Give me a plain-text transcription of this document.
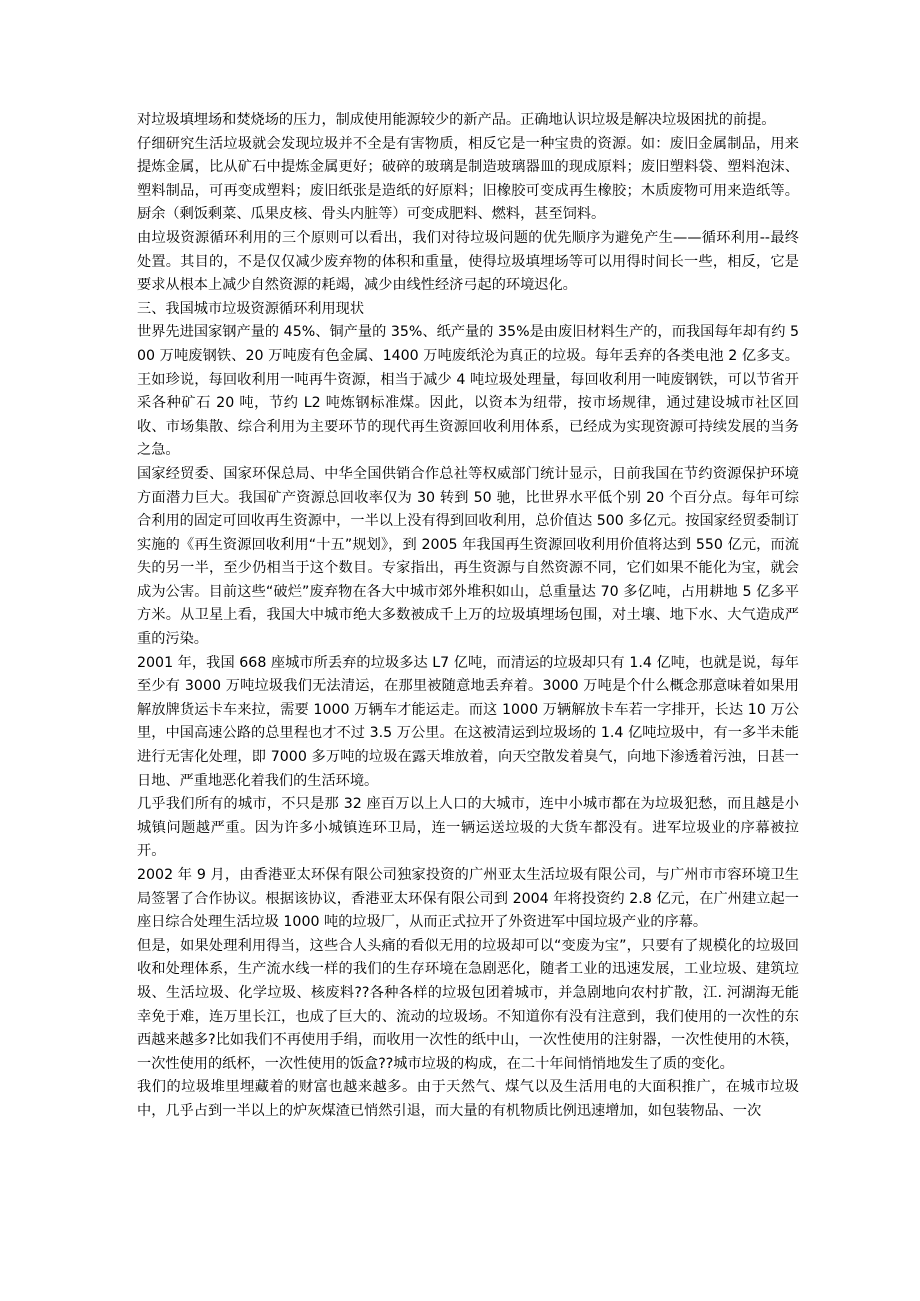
对垃圾填埋场和焚烧场的压力，制成使用能源较少的新产品。正确地认识垃圾是解决垃圾困扰的前提。

仔细研究生活垃圾就会发现垃圾并不全是有害物质，相反它是一种宝贵的资源。如：废旧金属制品，用来提炼金属，比从矿石中提炼金属更好；破碎的玻璃是制造玻璃器皿的现成原料；废旧塑料袋、塑料泡沫、塑料制品，可再变成塑料；废旧纸张是造纸的好原料；旧橡胶可变成再生橡胶；木质废物可用来造纸等。厨余（剩饭剩菜、瓜果皮核、骨头内脏等）可变成肥料、燃料，甚至饲料。

由垃圾资源循环利用的三个原则可以看出，我们对待垃圾问题的优先顺序为避免产生——循环利用--最终处置。其目的，不是仅仅减少废弃物的体积和重量，使得垃圾填埋场等可以用得时间长一些，相反，它是要求从根本上减少自然资源的耗竭，减少由线性经济弓起的环境迟化。

三、我国城市垃圾资源循环利用现状

世界先进国家钢产量的 45%、铜产量的 35%、纸产量的 35%是由废旧材料生产的，而我国每年却有约 500 万吨废钢铁、20 万吨废有色金属、1400 万吨废纸沦为真正的垃圾。每年丢弃的各类电池 2 亿多支。王如珍说，每回收利用一吨再牛资源，相当于减少 4 吨垃圾处理量，每回收利用一吨废钢铁，可以节省开采各种矿石 20 吨，节约 L2 吨炼钢标准煤。因此，以资本为纽带，按市场规律，通过建设城市社区回收、市场集散、综合利用为主要环节的现代再生资源回收利用体系，已经成为实现资源可持续发展的当务之急。

国家经贸委、国家环保总局、中华全国供销合作总社等权威部门统计显示，日前我国在节约资源保护环境方面潜力巨大。我国矿产资源总回收率仅为 30 转到 50 驰，比世界水平低个别 20 个百分点。每年可综合利用的固定可回收再生资源中，一半以上没有得到回收利用，总价值达 500 多亿元。按国家经贸委制订实施的《再生资源回收利用“十五”规划》，到 2005 年我国再生资源回收利用价值将达到 550 亿元，而流失的另一半，至少仍相当于这个数目。专家指出，再生资源与自然资源不同，它们如果不能化为宝，就会成为公害。目前这些“破烂”废弃物在各大中城市郊外堆积如山，总重量达 70 多亿吨，占用耕地 5 亿多平方米。从卫星上看，我国大中城市绝大多数被成千上万的垃圾填埋场包围，对土壤、地下水、大气造成严重的污染。

2001 年，我国 668 座城市所丢弃的垃圾多达 L7 亿吨，而清运的垃圾却只有 1.4 亿吨，也就是说，每年至少有 3000 万吨垃圾我们无法清运，在那里被随意地丢弃着。3000 万吨是个什么概念那意味着如果用解放牌货运卡车来拉，需要 1000 万辆车才能运走。而这 1000 万辆解放卡车若一字排开，长达 10 万公里，中国高速公路的总里程也才不过 3.5 万公里。在这被清运到垃圾场的 1.4 亿吨垃圾中，有一多半未能进行无害化处理，即 7000 多万吨的垃圾在露天堆放着，向天空散发着臭气，向地下渗透着污浊，日甚一日地、严重地恶化着我们的生活环境。

几乎我们所有的城市，不只是那 32 座百万以上人口的大城市，连中小城市都在为垃圾犯愁，而且越是小城镇问题越严重。因为许多小城镇连环卫局，连一辆运送垃圾的大货车都没有。进军垃圾业的序幕被拉开。

2002 年 9 月，由香港亚太环保有限公司独家投资的广州亚太生活垃圾有限公司，与广州市市容环境卫生局签署了合作协议。根据该协议，香港亚太环保有限公司到 2004 年将投资约 2.8 亿元，在广州建立起一座日综合处理生活垃圾 1000 吨的垃圾厂，从而正式拉开了外资进军中国垃圾产业的序幕。

但是，如果处理利用得当，这些合人头痛的看似无用的垃圾却可以“变废为宝”，只要有了规模化的垃圾回收和处理体系，生产流水线一样的我们的生存环境在急剧恶化，随者工业的迅速发展，工业垃圾、建筑垃圾、生活垃圾、化学垃圾、核废料??各种各样的垃圾包团着城市，并急剧地向农村扩散，江. 河湖海无能幸免于难，连万里长江，也成了巨大的、流动的垃圾场。不知道你有没有注意到，我们使用的一次性的东西越来越多?比如我们不再使用手绢，而收用一次性的纸中山，一次性使用的注射器，一次性使用的木筷，一次性使用的纸杯，一次性使用的饭盒??城市垃圾的构成，在二十年间悄悄地发生了质的变化。

我们的垃圾堆里埋藏着的财富也越来越多。由于天然气、煤气以及生活用电的大面积推广，在城市垃圾中，几乎占到一半以上的炉灰煤渣已悄然引退，而大量的有机物质比例迅速增加，如包装物品、一次
